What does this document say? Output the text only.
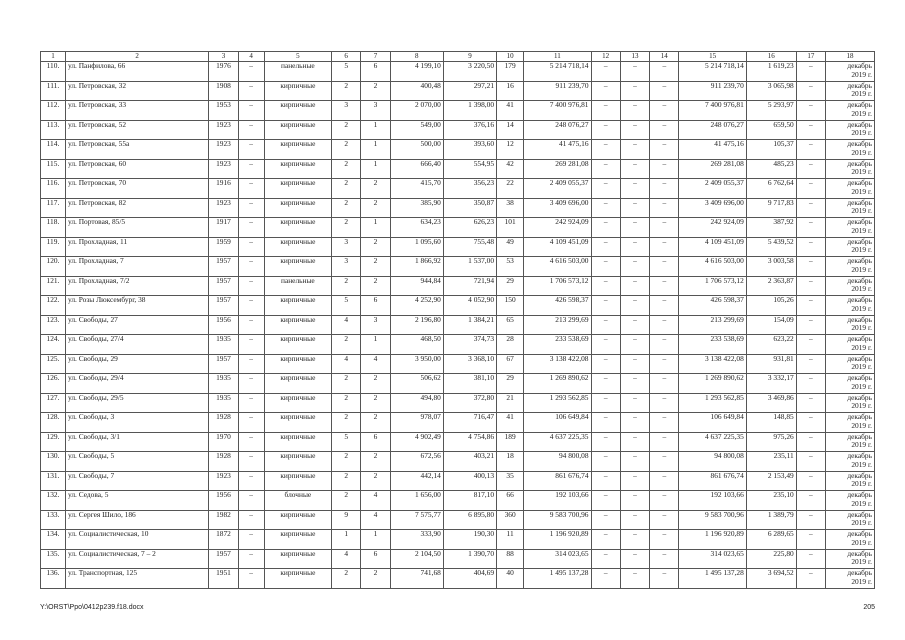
1	2	3	4	5	6	7	8	9	10	11	12	13	14	15	16	17	18
110.	ул. Панфилова, 66	1976	–	панельные	5	6	4 199,10	3 220,50	179	5 214 718,14	–	–	–	5 214 718,14	1 619,23	–	декабрь
2019 г.

111.	ул. Петровская, 32	1908	–	кирпичные	2	2	400,48	297,21	16	911 239,70	–	–	–	911 239,70	3 065,98	–	декабрь
2019 г.

112.	ул. Петровская, 33	1953	–	кирпичные	3	3	2 070,00	1 398,00	41	7 400 976,81	–	–	–	7 400 976,81	5 293,97	–	декабрь
2019 г.

113.	ул. Петровская, 52	1923	–	кирпичные	2	1	549,00	376,16	14	248 076,27	–	–	–	248 076,27	659,50	–	декабрь
2019 г.

114.	ул. Петровская, 55а	1923	–	кирпичные	2	1	500,00	393,60	12	41 475,16	–	–	–	41 475,16	105,37	–	декабрь
2019 г.

115.	ул. Петровская, 60	1923	–	кирпичные	2	1	666,40	554,95	42	269 281,08	–	–	–	269 281,08	485,23	–	декабрь
2019 г.

116.	ул. Петровская, 70	1916	–	кирпичные	2	2	415,70	356,23	22	2 409 055,37	–	–	–	2 409 055,37	6 762,64	–	декабрь
2019 г.

117.	ул. Петровская, 82	1923	–	кирпичные	2	2	385,90	350,87	38	3 409 696,00	–	–	–	3 409 696,00	9 717,83	–	декабрь
2019 г.

118.	ул. Портовая, 85/5	1917	–	кирпичные	2	1	634,23	626,23	101	242 924,09	–	–	–	242 924,09	387,92	–	декабрь
2019 г.

119.	ул. Прохладная, 11	1959	–	кирпичные	3	2	1 095,60	755,48	49	4 109 451,09	–	–	–	4 109 451,09	5 439,52	–	декабрь
2019 г.

120.	ул. Прохладная, 7	1957	–	кирпичные	3	2	1 866,92	1 537,00	53	4 616 503,00	–	–	–	4 616 503,00	3 003,58	–	декабрь
2019 г.

121.	ул. Прохладная, 7/2	1957	–	панельные	2	2	944,84	721,94	29	1 706 573,12	–	–	–	1 706 573,12	2 363,87	–	декабрь
2019 г.

122.	ул. Розы Люксембург, 38	1957	–	кирпичные	5	6	4 252,90	4 052,90	150	426 598,37	–	–	–	426 598,37	105,26	–	декабрь
2019 г.

123.	ул. Свободы, 27	1956	–	кирпичные	4	3	2 196,80	1 384,21	65	213 299,69	–	–	–	213 299,69	154,09	–	декабрь
2019 г.

124.	ул. Свободы, 27/4	1935	–	кирпичные	2	1	468,50	374,73	28	233 538,69	–	–	–	233 538,69	623,22	–	декабрь
2019 г.

125.	ул. Свободы, 29	1957	–	кирпичные	4	4	3 950,00	3 368,10	67	3 138 422,08	–	–	–	3 138 422,08	931,81	–	декабрь
2019 г.

126.	ул. Свободы, 29/4	1935	–	кирпичные	2	2	506,62	381,10	29	1 269 890,62	–	–	–	1 269 890,62	3 332,17	–	декабрь
2019 г.

127.	ул. Свободы, 29/5	1935	–	кирпичные	2	2	494,80	372,80	21	1 293 562,85	–	–	–	1 293 562,85	3 469,86	–	декабрь
2019 г.

128.	ул. Свободы, 3	1928	–	кирпичные	2	2	978,07	716,47	41	106 649,84	–	–	–	106 649,84	148,85	–	декабрь
2019 г.

129.	ул. Свободы, 3/1	1970	–	кирпичные	5	6	4 902,49	4 754,86	189	4 637 225,35	–	–	–	4 637 225,35	975,26	–	декабрь
2019 г.

130.	ул. Свободы, 5	1928	–	кирпичные	2	2	672,56	403,21	18	94 800,08	–	–	–	94 800,08	235,11	–	декабрь
2019 г.

131.	ул. Свободы, 7	1923	–	кирпичные	2	2	442,14	400,13	35	861 676,74	–	–	–	861 676,74	2 153,49	–	декабрь
2019 г.

132.	ул. Седова, 5	1956	–	блочные	2	4	1 656,00	817,10	66	192 103,66	–	–	–	192 103,66	235,10	–	декабрь
2019 г.

133.	ул. Сергея Шило, 186	1982	–	кирпичные	9	4	7 575,77	6 895,80	360	9 583 700,96	–	–	–	9 583 700,96	1 389,79	–	декабрь
2019 г.

134.	ул. Социалистическая, 10	1872	–	кирпичные	1	1	333,90	190,30	11	1 196 920,89	–	–	–	1 196 920,89	6 289,65	–	декабрь
2019 г.

135.	ул. Социалистическая, 7 – 2	1957	–	кирпичные	4	6	2 104,50	1 390,70	88	314 023,65	–	–	–	314 023,65	225,80	–	декабрь
2019 г.

136.	ул. Транспортная, 125	1951	–	кирпичные	2	2	741,68	404,69	40	1 495 137,28	–	–	–	1 495 137,28	3 694,52	–	декабрь
2019 г.
Y:\ORST\Ppo\0412p239.f18.docx	205
